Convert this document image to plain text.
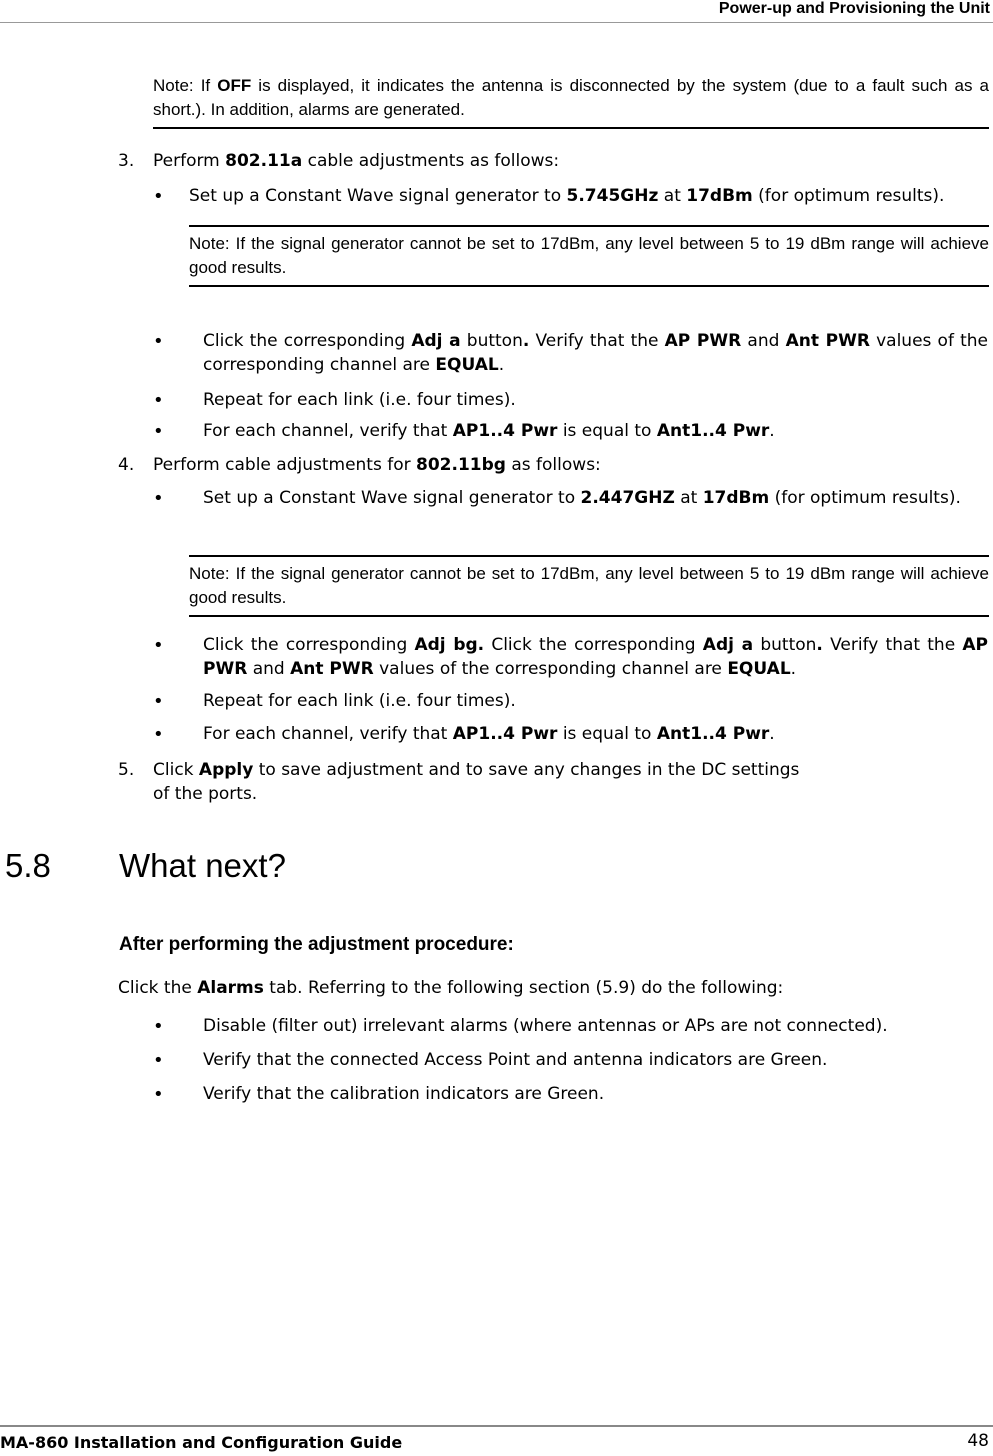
Power-up and Provisioning the Unit
Note: If OFF is displayed, it indicates the antenna is disconnected by the system (due to a fault such as a short.). In addition, alarms are generated.
3. Perform 802.11a cable adjustments as follows:
•	Set up a Constant Wave signal generator to 5.745GHz at 17dBm (for optimum results).
Note: If the signal generator cannot be set to 17dBm, any level between 5 to 19 dBm range will achieve good results.
•	Click the corresponding Adj a button. Verify that the AP PWR and Ant PWR values of the corresponding channel are EQUAL.
•	Repeat for each link (i.e. four times).
•	For each channel, verify that AP1..4 Pwr is equal to Ant1..4 Pwr.
4. Perform cable adjustments for 802.11bg as follows:
•	Set up a Constant Wave signal generator to 2.447GHZ at 17dBm (for optimum results).
Note: If the signal generator cannot be set to 17dBm, any level between 5 to 19 dBm range will achieve good results.
•	Click the corresponding Adj bg. Click the corresponding Adj a button. Verify that the AP PWR and Ant PWR values of the corresponding channel are EQUAL.
•	Repeat for each link (i.e. four times).
•	For each channel, verify that AP1..4 Pwr is equal to Ant1..4 Pwr.
5. Click Apply to save adjustment and to save any changes in the DC settings
of the ports.
5.8 What next?
After performing the adjustment procedure:
Click the Alarms tab. Referring to the following section (5.9) do the following:
•	Disable (filter out) irrelevant alarms (where antennas or APs are not connected).
•	Verify that the connected Access Point and antenna indicators are Green.
•	Verify that the calibration indicators are Green.
MA-860 Installation and Configuration Guide	48
